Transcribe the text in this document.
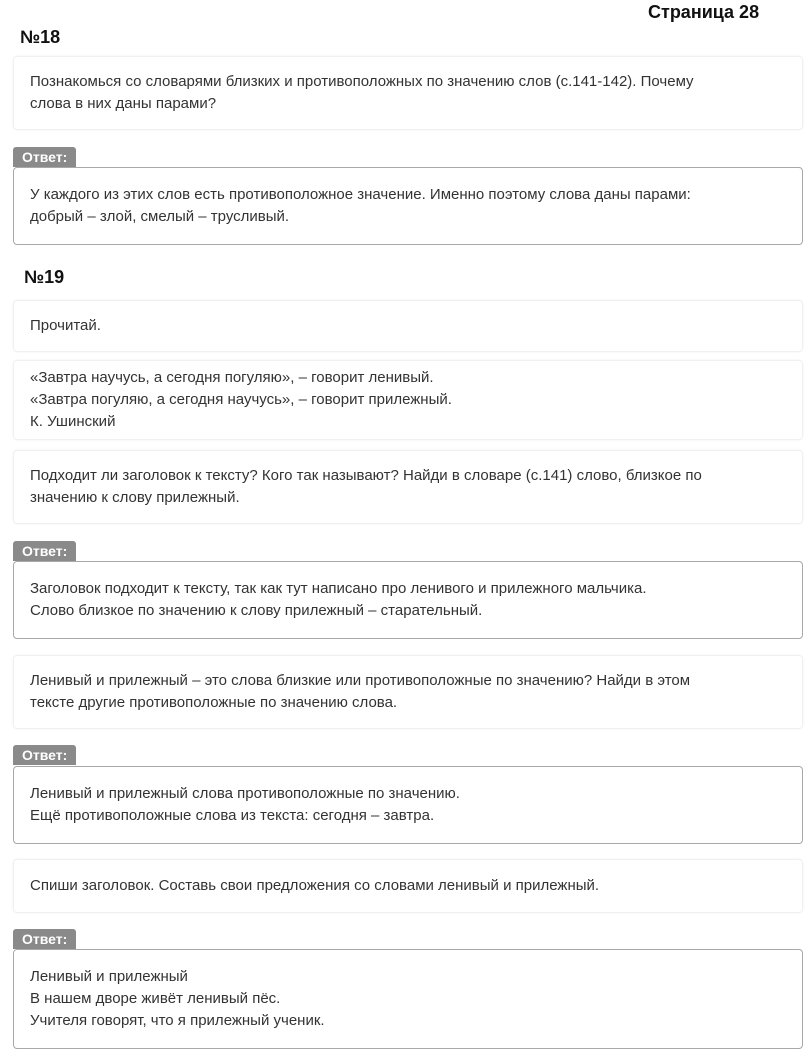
Страница 28
№18
Познакомься со словарями близких и противоположных по значению слов (с.141-142). Почему
слова в них даны парами?
Ответ:
У каждого из этих слов есть противоположное значение. Именно поэтому слова даны парами:
добрый – злой, смелый – трусливый.
№19
Прочитай.
«Завтра научусь, а сегодня погуляю», – говорит ленивый.
«Завтра погуляю, а сегодня научусь», – говорит прилежный.
К. Ушинский
Подходит ли заголовок к тексту? Кого так называют? Найди в словаре (с.141) слово, близкое по
значению к слову прилежный.
Ответ:
Заголовок подходит к тексту, так как тут написано про ленивого и прилежного мальчика.
Слово близкое по значению к слову прилежный – старательный.
Ленивый и прилежный – это слова близкие или противоположные по значению? Найди в этом
тексте другие противоположные по значению слова.
Ответ:
Ленивый и прилежный слова противоположные по значению.
Ещё противоположные слова из текста: сегодня – завтра.
Спиши заголовок. Составь свои предложения со словами ленивый и прилежный.
Ответ:
Ленивый и прилежный
В нашем дворе живёт ленивый пёс.
Учителя говорят, что я прилежный ученик.
